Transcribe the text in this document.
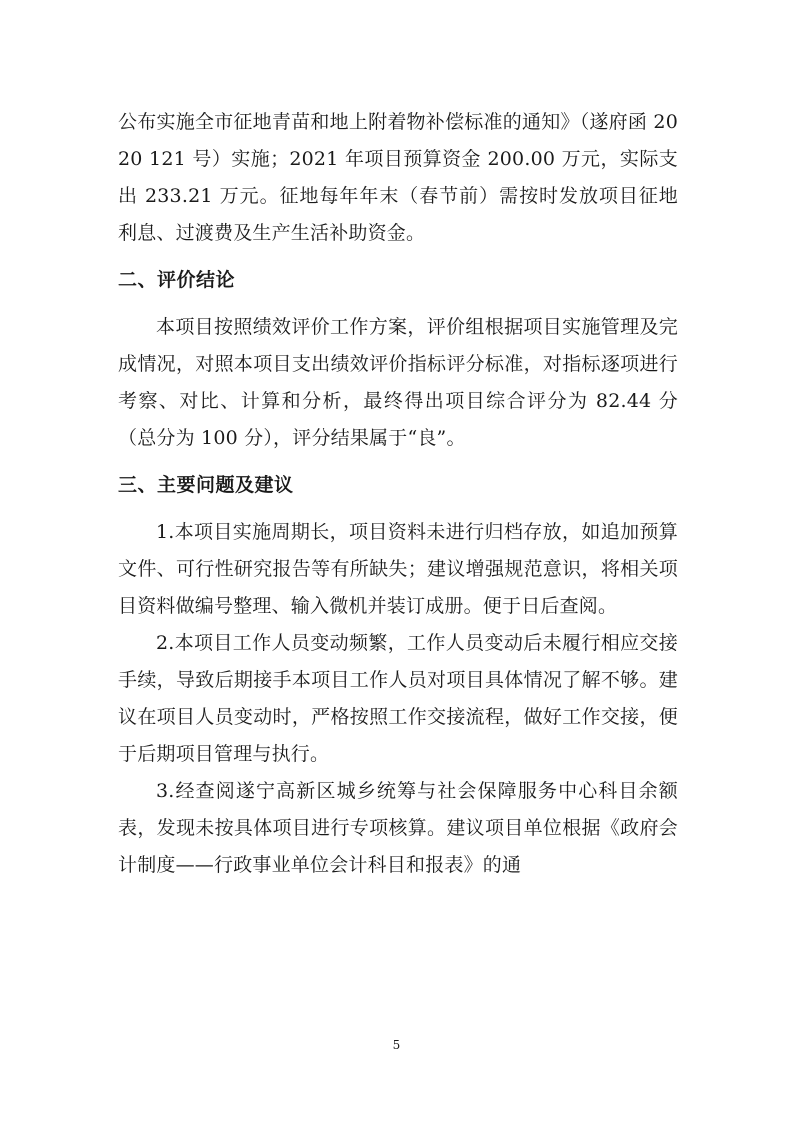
公布实施全市征地青苗和地上附着物补偿标准的通知》（遂府函 2020 121 号）实施；2021 年项目预算资金 200.00 万元，实际支出 233.21 万元。征地每年年末（春节前）需按时发放项目征地利息、过渡费及生产生活补助资金。

二、评价结论

本项目按照绩效评价工作方案，评价组根据项目实施管理及完成情况，对照本项目支出绩效评价指标评分标准，对指标逐项进行考察、对比、计算和分析，最终得出项目综合评分为 82.44 分（总分为 100 分），评分结果属于“良”。

三、主要问题及建议

1.本项目实施周期长，项目资料未进行归档存放，如追加预算文件、可行性研究报告等有所缺失；建议增强规范意识，将相关项目资料做编号整理、输入微机并装订成册。便于日后查阅。

2.本项目工作人员变动频繁，工作人员变动后未履行相应交接手续，导致后期接手本项目工作人员对项目具体情况了解不够。建议在项目人员变动时，严格按照工作交接流程，做好工作交接，便于后期项目管理与执行。

3.经查阅遂宁高新区城乡统筹与社会保障服务中心科目余额表，发现未按具体项目进行专项核算。建议项目单位根据《政府会计制度——行政事业单位会计科目和报表》的通

5
